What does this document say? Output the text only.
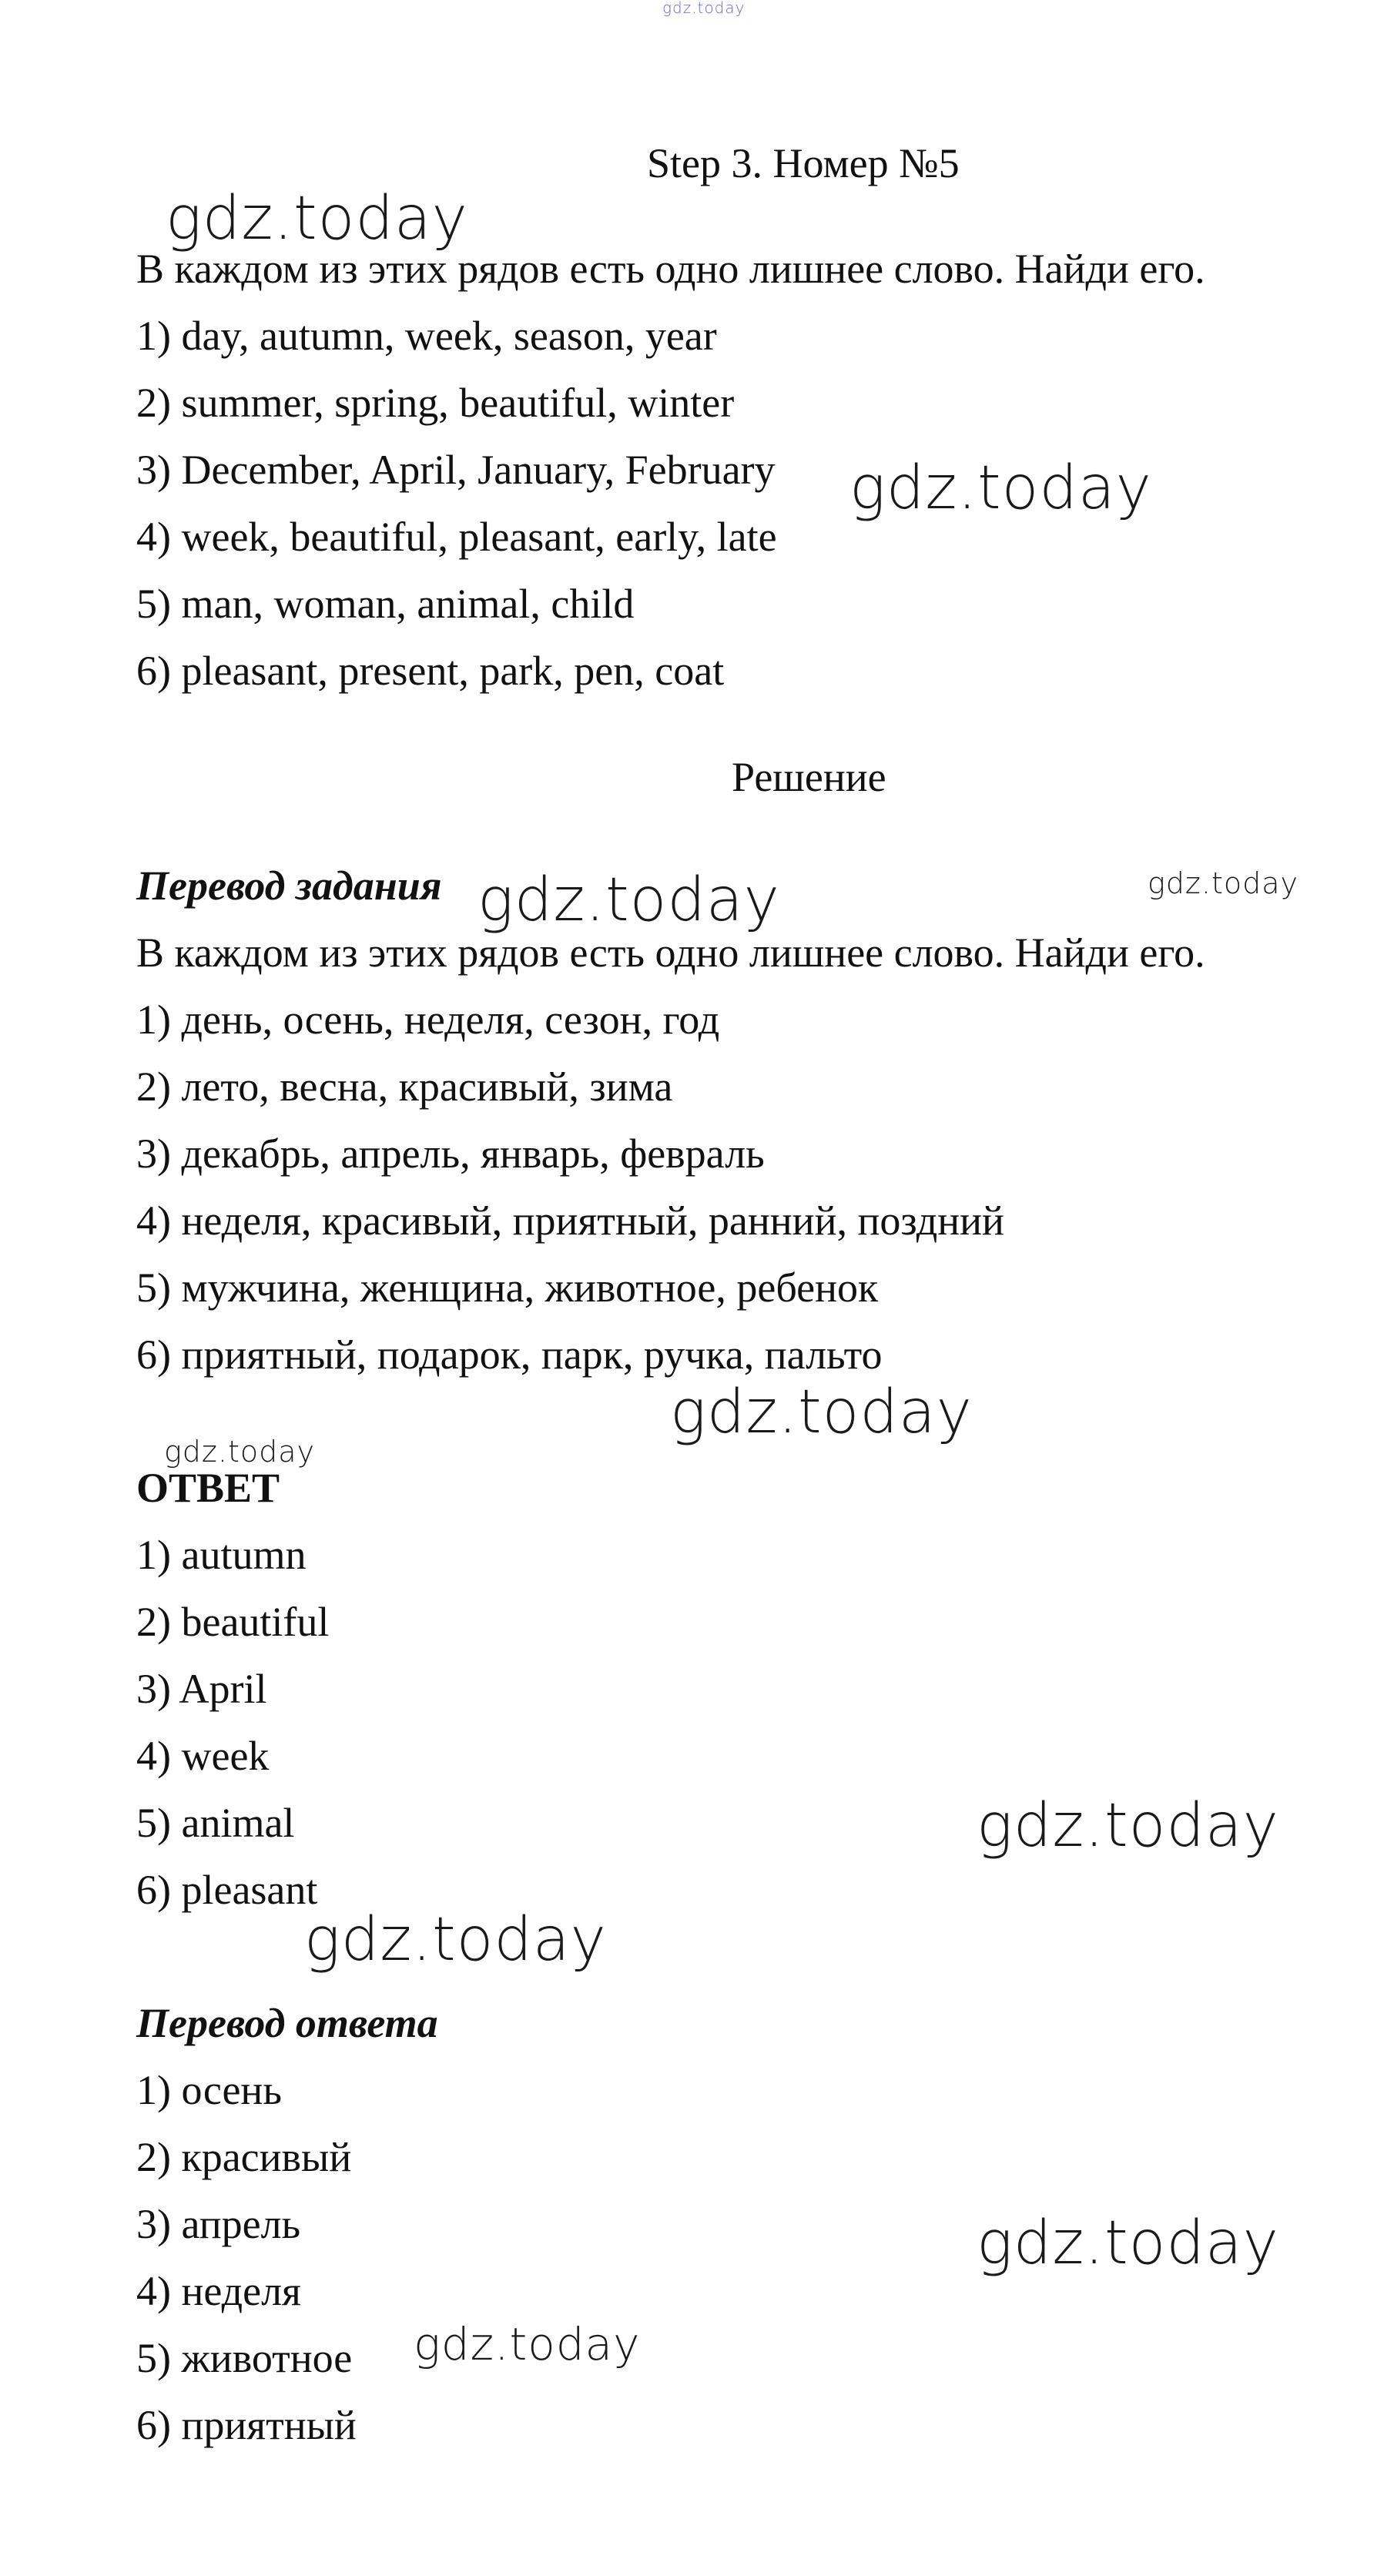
gdz.today
Step 3. Номер №5
В каждом из этих рядов есть одно лишнее слово. Найди его.
1) day, autumn, week, season, year
2) summer, spring, beautiful, winter
3) December, April, January, February
4) week, beautiful, pleasant, early, late
5) man, woman, animal, child
6) pleasant, present, park, pen, coat
Решение
Перевод задания
В каждом из этих рядов есть одно лишнее слово. Найди его.
1) день, осень, неделя, сезон, год
2) лето, весна, красивый, зима
3) декабрь, апрель, январь, февраль
4) неделя, красивый, приятный, ранний, поздний
5) мужчина, женщина, животное, ребенок
6) приятный, подарок, парк, ручка, пальто
ОТВЕТ
1) autumn
2) beautiful
3) April
4) week
5) animal
6) pleasant
Перевод ответа
1) осень
2) красивый
3) апрель
4) неделя
5) животное
6) приятный
gdz.today
gdz.today
gdz.today	gdz.today
gdz.today
gdz.today
gdz.today
gdz.today
gdz.today
gdz.today
